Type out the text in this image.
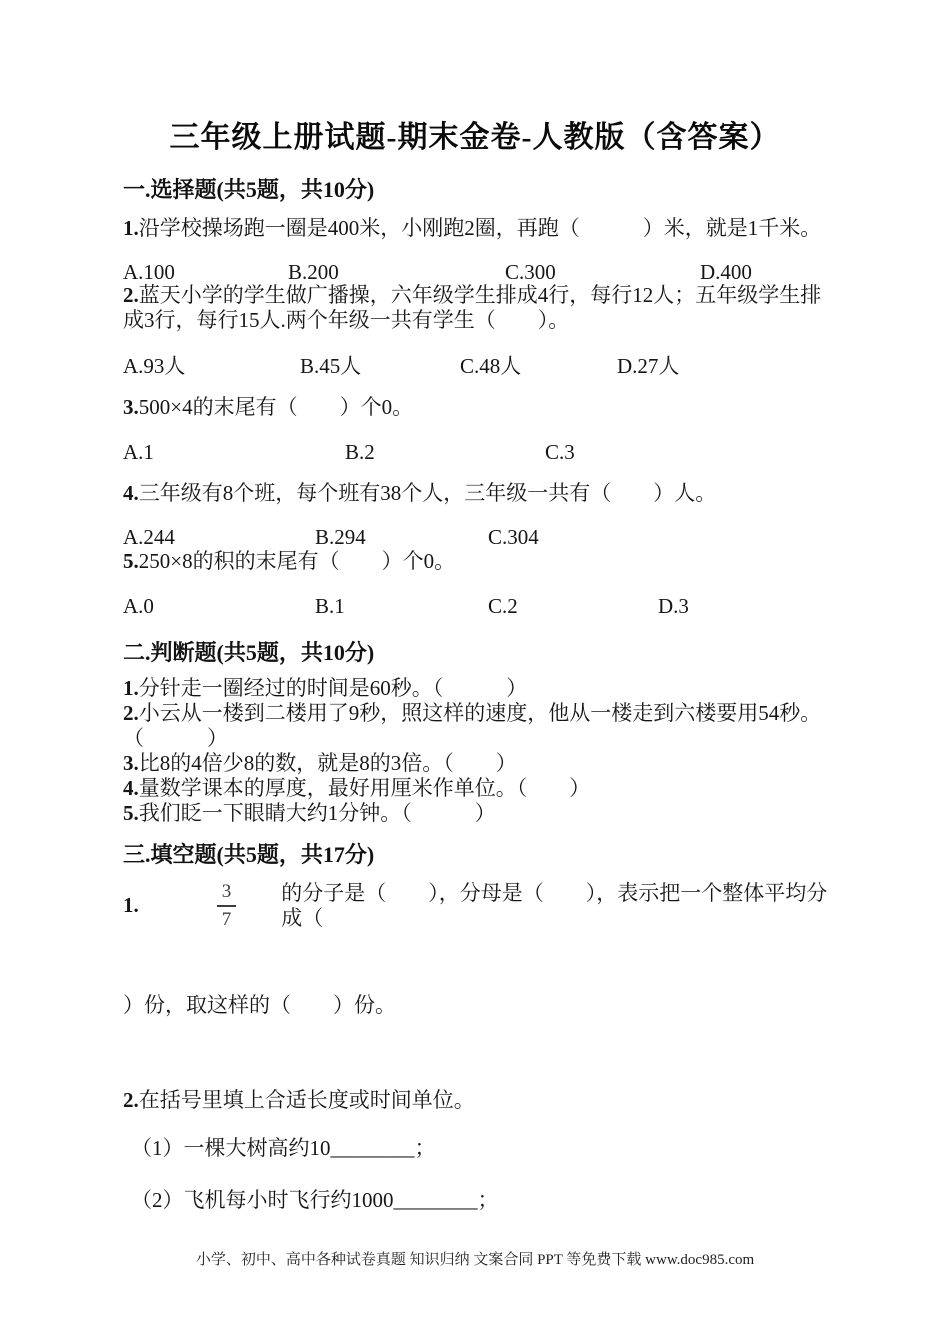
三年级上册试题-期末金卷-人教版（含答案）
一.选择题(共5题，共10分)
1.沿学校操场跑一圈是400米，小刚跑2圈，再跑（　　　）米，就是1千米。
A.100	B.200	C.300	D.400
2.蓝天小学的学生做广播操，六年级学生排成4行，每行12人；五年级学生排成3行，每行15人.两个年级一共有学生（　　）。
A.93人	B.45人	C.48人	D.27人
3.500×4的末尾有（　　）个0。
A.1	B.2	C.3
4.三年级有8个班，每个班有38个人，三年级一共有（　　）人。
A.244	B.294	C.304
5.250×8的积的末尾有（　　）个0。
A.0	B.1	C.2	D.3
二.判断题(共5题，共10分)
1.分针走一圈经过的时间是60秒。（　　　）
2.小云从一楼到二楼用了9秒，照这样的速度，他从一楼走到六楼要用54秒。（　　　）
3.比8的4倍少8的数，就是8的3倍。（　　）
4.量数学课本的厚度，最好用厘米作单位。（　　）
5.我们眨一下眼睛大约1分钟。（　　　）
三.填空题(共5题，共17分)
1.	$\frac{3}{7}$ 的分子是（　　），分母是（　　），表示把一个整体平均分成（
）份，取这样的（　　）份。
2.在括号里填上合适长度或时间单位。
（1）一棵大树高约10________；
（2）飞机每小时飞行约1000________；
小学、初中、高中各种试卷真题 知识归纳 文案合同 PPT 等免费下载 www.doc985.com
